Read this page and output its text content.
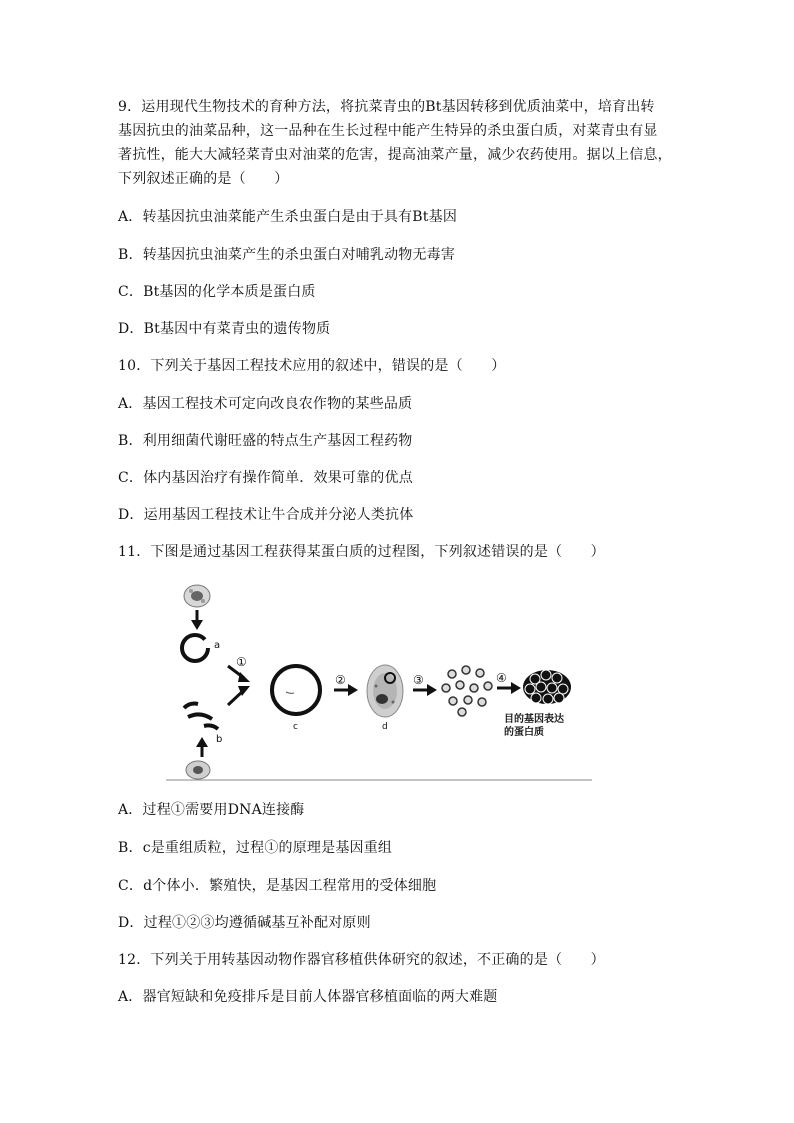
9．运用现代生物技术的育种方法，将抗菜青虫的Bt基因转移到优质油菜中，培育出转
基因抗虫的油菜品种，这一品种在生长过程中能产生特异的杀虫蛋白质，对菜青虫有显
著抗性，能大大减轻菜青虫对油菜的危害，提高油菜产量，减少农药使用。据以上信息，
下列叙述正确的是（　　）
A．转基因抗虫油菜能产生杀虫蛋白是由于具有Bt基因
B．转基因抗虫油菜产生的杀虫蛋白对哺乳动物无毒害
C．Bt基因的化学本质是蛋白质
D．Bt基因中有菜青虫的遗传物质
10．下列关于基因工程技术应用的叙述中，错误的是（　　）
A．基因工程技术可定向改良农作物的某些品质
B．利用细菌代谢旺盛的特点生产基因工程药物
C．体内基因治疗有操作简单．效果可靠的优点
D．运用基因工程技术让牛合成并分泌人类抗体
11．下图是通过基因工程获得某蛋白质的过程图，下列叙述错误的是（　　）
a
b
①
c
②
d
③	④
目的基因表达
的蛋白质
A．过程①需要用DNA连接酶
B．c是重组质粒，过程①的原理是基因重组
C．d个体小．繁殖快，是基因工程常用的受体细胞
D．过程①②③均遵循碱基互补配对原则
12．下列关于用转基因动物作器官移植供体研究的叙述，不正确的是（　　）
A．器官短缺和免疫排斥是目前人体器官移植面临的两大难题
